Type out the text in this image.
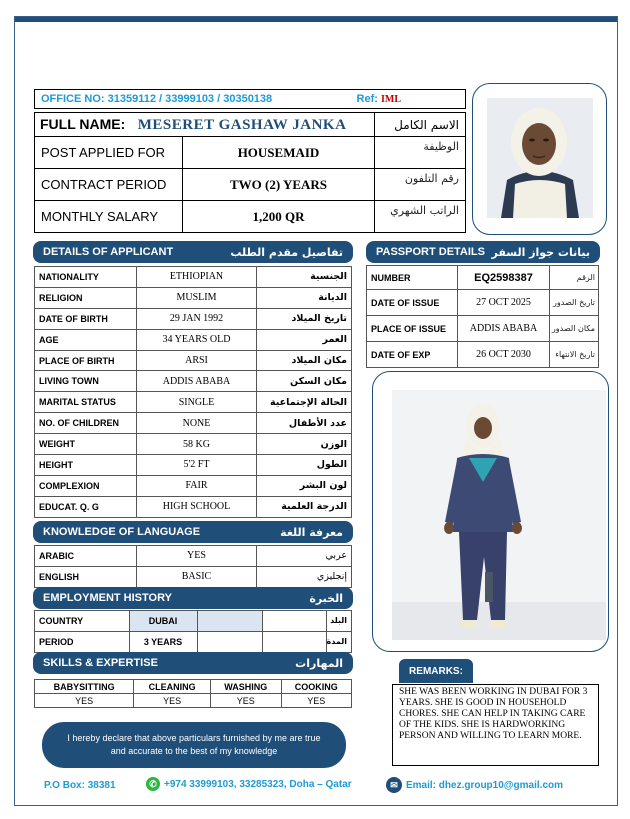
OFFICE NO: 31359112 / 33999103 / 30350138	Ref: IML
FULL NAME: MESERET GASHAW JANKA		الاسم الكامل
POST APPLIED FOR	HOUSEMAID	الوظيفة
CONTRACT PERIOD	TWO (2) YEARS	رقم التلفون
MONTHLY SALARY	1,200 QR	الراتب الشهري
DETAILS OF APPLICANT	تفاصيل مقدم الطلب
NATIONALITY	ETHIOPIAN	الجنسية
RELIGION	MUSLIM	الديانة
DATE OF BIRTH	29 JAN 1992	تاريخ الميلاد
AGE	34 YEARS OLD	العمر
PLACE OF BIRTH	ARSI	مكان الميلاد
LIVING TOWN	ADDIS ABABA	مكان السكن
MARITAL STATUS	SINGLE	الحالة الإجتماعية
NO. OF CHILDREN	NONE	عدد الأطفال
WEIGHT	58 KG	الوزن
HEIGHT	5'2 FT	الطول
COMPLEXION	FAIR	لون البشر
EDUCAT. Q. G	HIGH SCHOOL	الدرجة العلمية
PASSPORT DETAILS بيانات جواز السفر
NUMBER	EQ2598387	الرقم
DATE OF ISSUE	27 OCT 2025	تاريخ الصدور
PLACE OF ISSUE	ADDIS ABABA	مكان الصدور
DATE OF EXP	26 OCT 2030	تاريخ الانتهاء
KNOWLEDGE OF LANGUAGE	معرفة اللغة
ARABIC	YES	عربي
ENGLISH	BASIC	إنجليزي
EMPLOYMENT HISTORY	الخبرة
COUNTRY	DUBAI			البلد
PERIOD	3 YEARS			المدة
SKILLS & EXPERTISE	المهارات
BABYSITTING	CLEANING	WASHING	COOKING
YES	YES	YES	YES
REMARKS:
SHE WAS BEEN WORKING IN DUBAI FOR 3 YEARS. SHE IS GOOD IN HOUSEHOLD CHORES. SHE CAN HELP IN TAKING CARE OF THE KIDS. SHE IS HARDWORKING PERSON AND WILLING TO LEARN MORE.
I hereby declare that above particulars furnished by me are true and accurate to the best of my knowledge
P.O Box: 38381	✆ +974 33999103, 33285323, Doha – Qatar	✉ Email: dhez.group10@gmail.com
